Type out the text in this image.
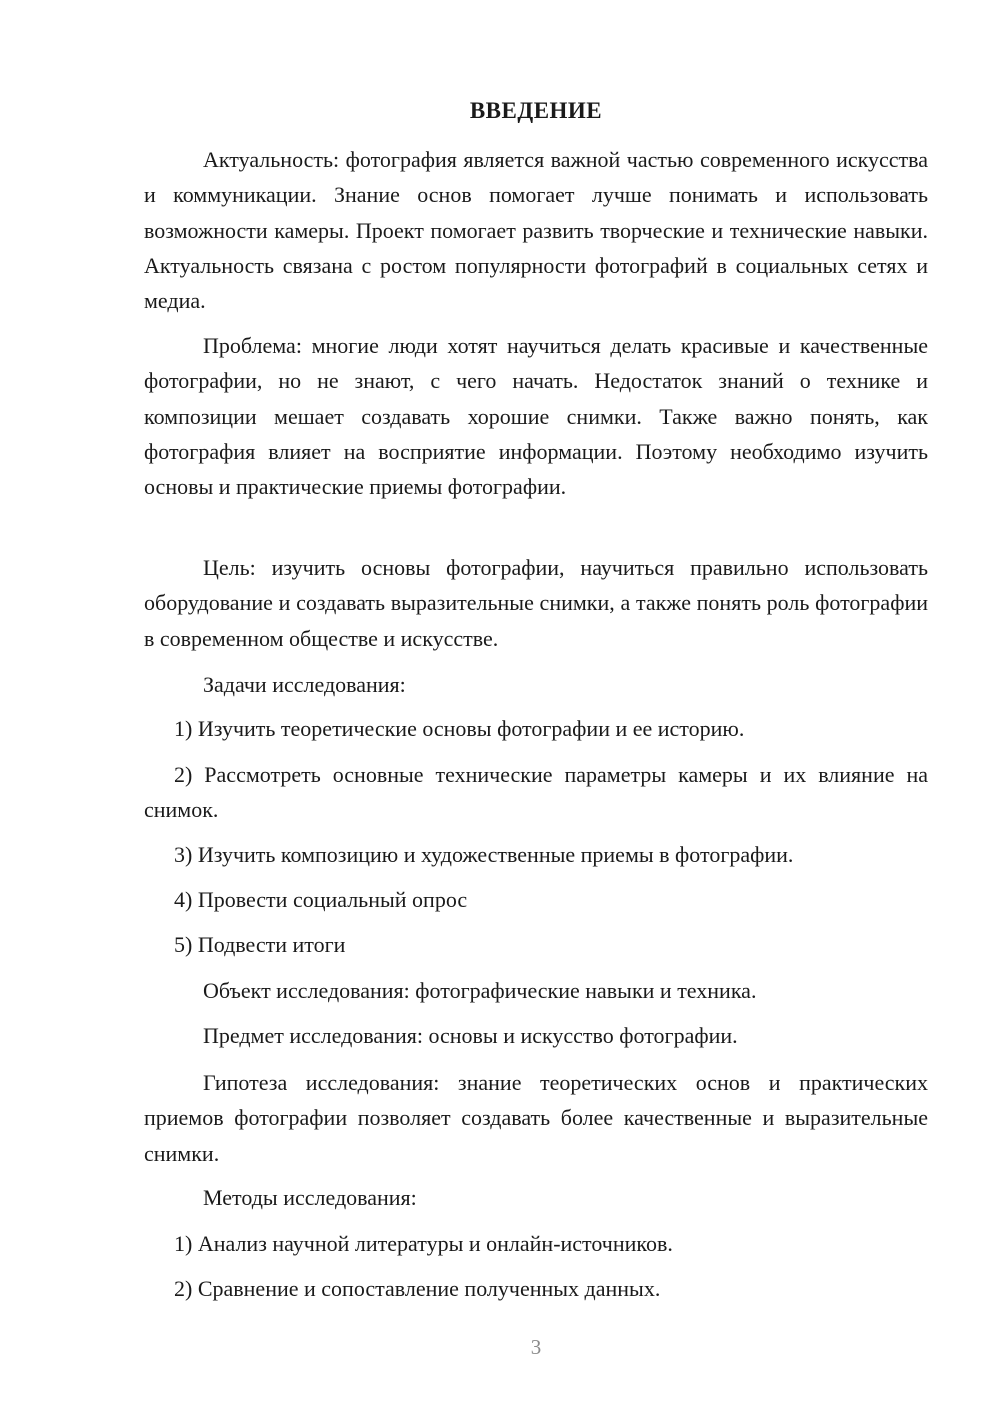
ВВЕДЕНИЕ

Актуальность: фотография является важной частью современного искусства и коммуникации. Знание основ помогает лучше понимать и использовать возможности камеры. Проект помогает развить творческие и технические навыки. Актуальность связана с ростом популярности фотографий в социальных сетях и медиа.

Проблема: многие люди хотят научиться делать красивые и качественные фотографии, но не знают, с чего начать. Недостаток знаний о технике и композиции мешает создавать хорошие снимки. Также важно понять, как фотография влияет на восприятие информации. Поэтому необходимо изучить основы и практические приемы фотографии.

Цель: изучить основы фотографии, научиться правильно использовать оборудование и создавать выразительные снимки, а также понять роль фотографии в современном обществе и искусстве.

Задачи исследования:
1) Изучить теоретические основы фотографии и ее историю.

2) Рассмотреть основные технические параметры камеры и их влияние на снимок.

3) Изучить композицию и художественные приемы в фотографии.
4) Провести социальный опрос
5) Подвести итоги
Объект исследования: фотографические навыки и техника.
Предмет исследования: основы и искусство фотографии.

Гипотеза исследования: знание теоретических основ и практических приемов фотографии позволяет создавать более качественные и выразительные снимки.

Методы исследования:
1) Анализ научной литературы и онлайн-источников.
2) Сравнение и сопоставление полученных данных.
3
